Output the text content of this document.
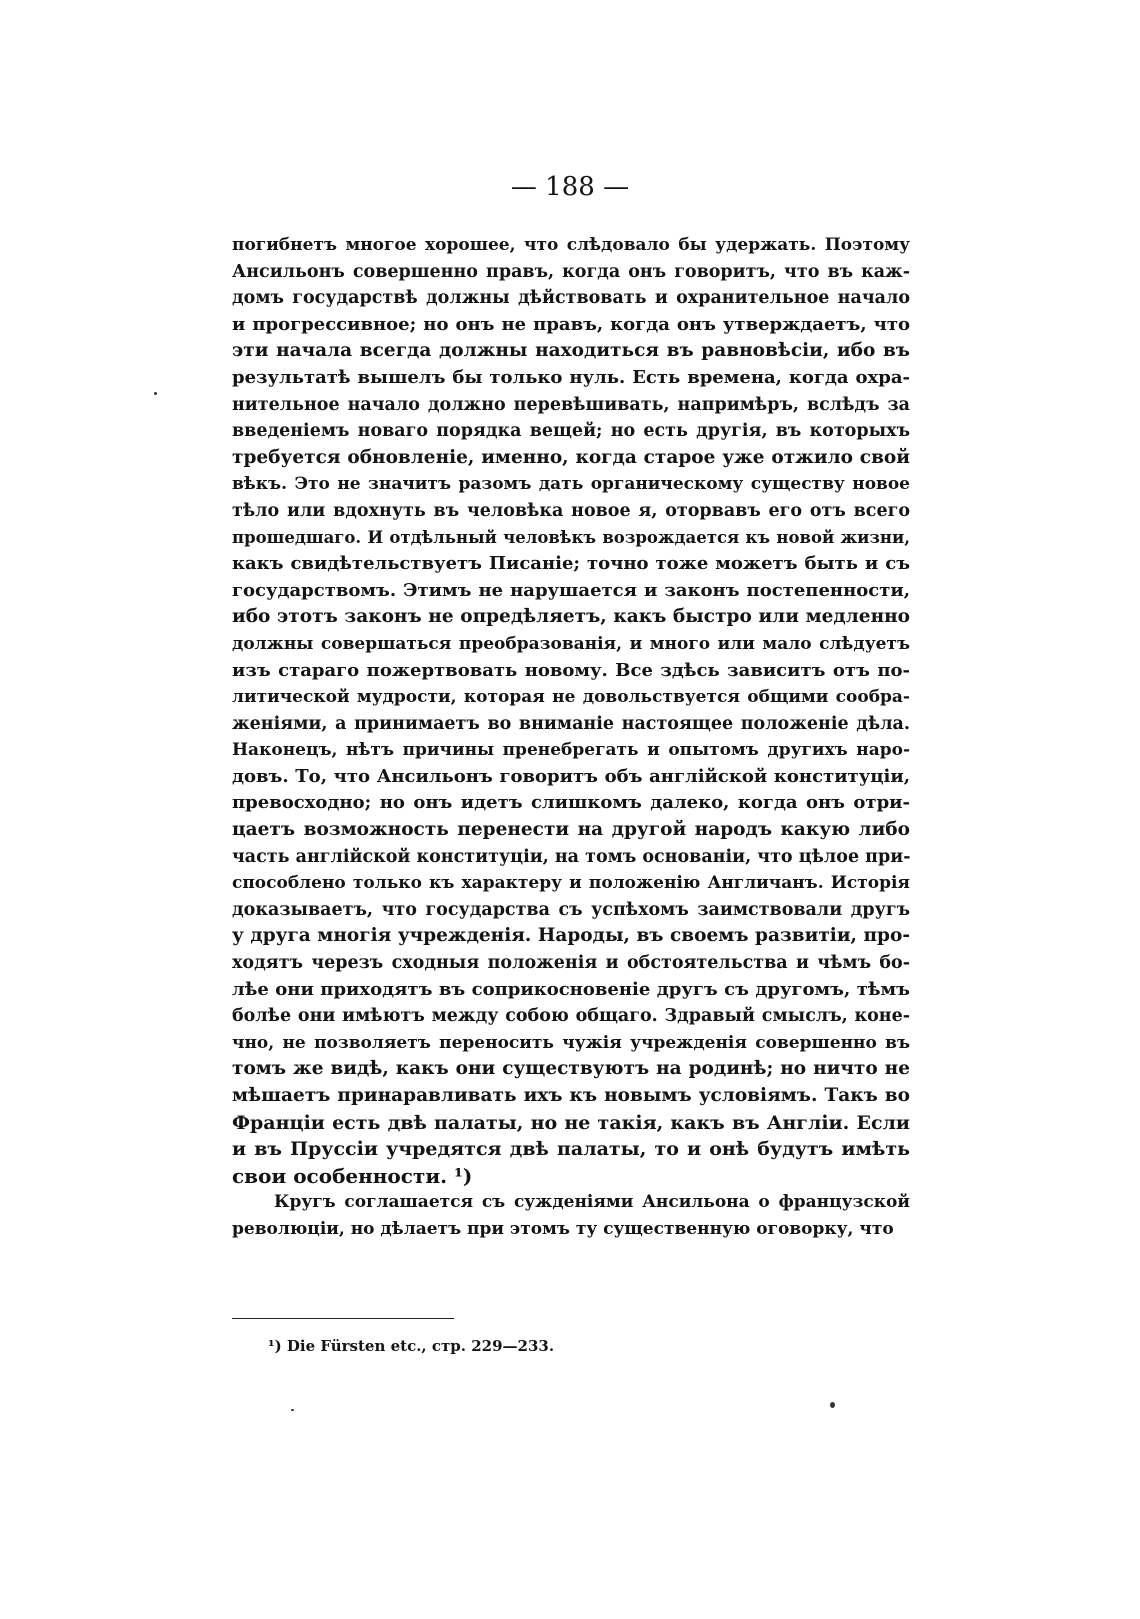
— 188 —
погибнетъ многое хорошее, что слѣдовало бы удержать. Поэтому
Ансильонъ совершенно правъ, когда онъ говоритъ, что въ каж-
домъ государствѣ должны дѣйствовать и охранительное начало
и прогрессивное; но онъ не правъ, когда онъ утверждаетъ, что
эти начала всегда должны находиться въ равновѣсіи, ибо въ
результатѣ вышелъ бы только нуль. Есть времена, когда охра-
нительное начало должно перевѣшивать, напримѣръ, вслѣдъ за
введеніемъ новаго порядка вещей; но есть другія, въ которыхъ
требуется обновленіе, именно, когда старое уже отжило свой
вѣкъ. Это не значитъ разомъ дать органическому существу новое
тѣло или вдохнуть въ человѣка новое я, оторвавъ его отъ всего
прошедшаго. И отдѣльный человѣкъ возрождается къ новой жизни,
какъ свидѣтельствуетъ Писаніе; точно тоже можетъ быть и съ
государствомъ. Этимъ не нарушается и законъ постепенности,
ибо этотъ законъ не опредѣляетъ, какъ быстро или медленно
должны совершаться преобразованія, и много или мало слѣдуетъ
изъ стараго пожертвовать новому. Все здѣсь зависитъ отъ по-
литической мудрости, которая не довольствуется общими сообра-
женіями, а принимаетъ во вниманіе настоящее положеніе дѣла.
Наконецъ, нѣтъ причины пренебрегать и опытомъ другихъ наро-
довъ. То, что Ансильонъ говоритъ объ англійской конституціи,
превосходно; но онъ идетъ слишкомъ далеко, когда онъ отри-
цаетъ возможность перенести на другой народъ какую либо
часть англійской конституціи, на томъ основаніи, что цѣлое при-
способлено только къ характеру и положенію Англичанъ. Исторія
доказываетъ, что государства съ успѣхомъ заимствовали другъ
у друга многія учрежденія. Народы, въ своемъ развитіи, про-
ходятъ черезъ сходныя положенія и обстоятельства и чѣмъ бо-
лѣе они приходятъ въ соприкосновеніе другъ съ другомъ, тѣмъ
болѣе они имѣютъ между собою общаго. Здравый смыслъ, коне-
чно, не позволяетъ переносить чужія учрежденія совершенно въ
томъ же видѣ, какъ они существуютъ на родинѣ; но ничто не
мѣшаетъ принаравливать ихъ къ новымъ условіямъ. Такъ во
Франціи есть двѣ палаты, но не такія, какъ въ Англіи. Если
и въ Пруссіи учредятся двѣ палаты, то и онѣ будутъ имѣть
свои особенности. ¹)
Кругъ соглашается съ сужденіями Ансильона о французской
революціи, но дѣлаетъ при этомъ ту существенную оговорку, что
¹) Die Fürsten etc., стр. 229—233.
